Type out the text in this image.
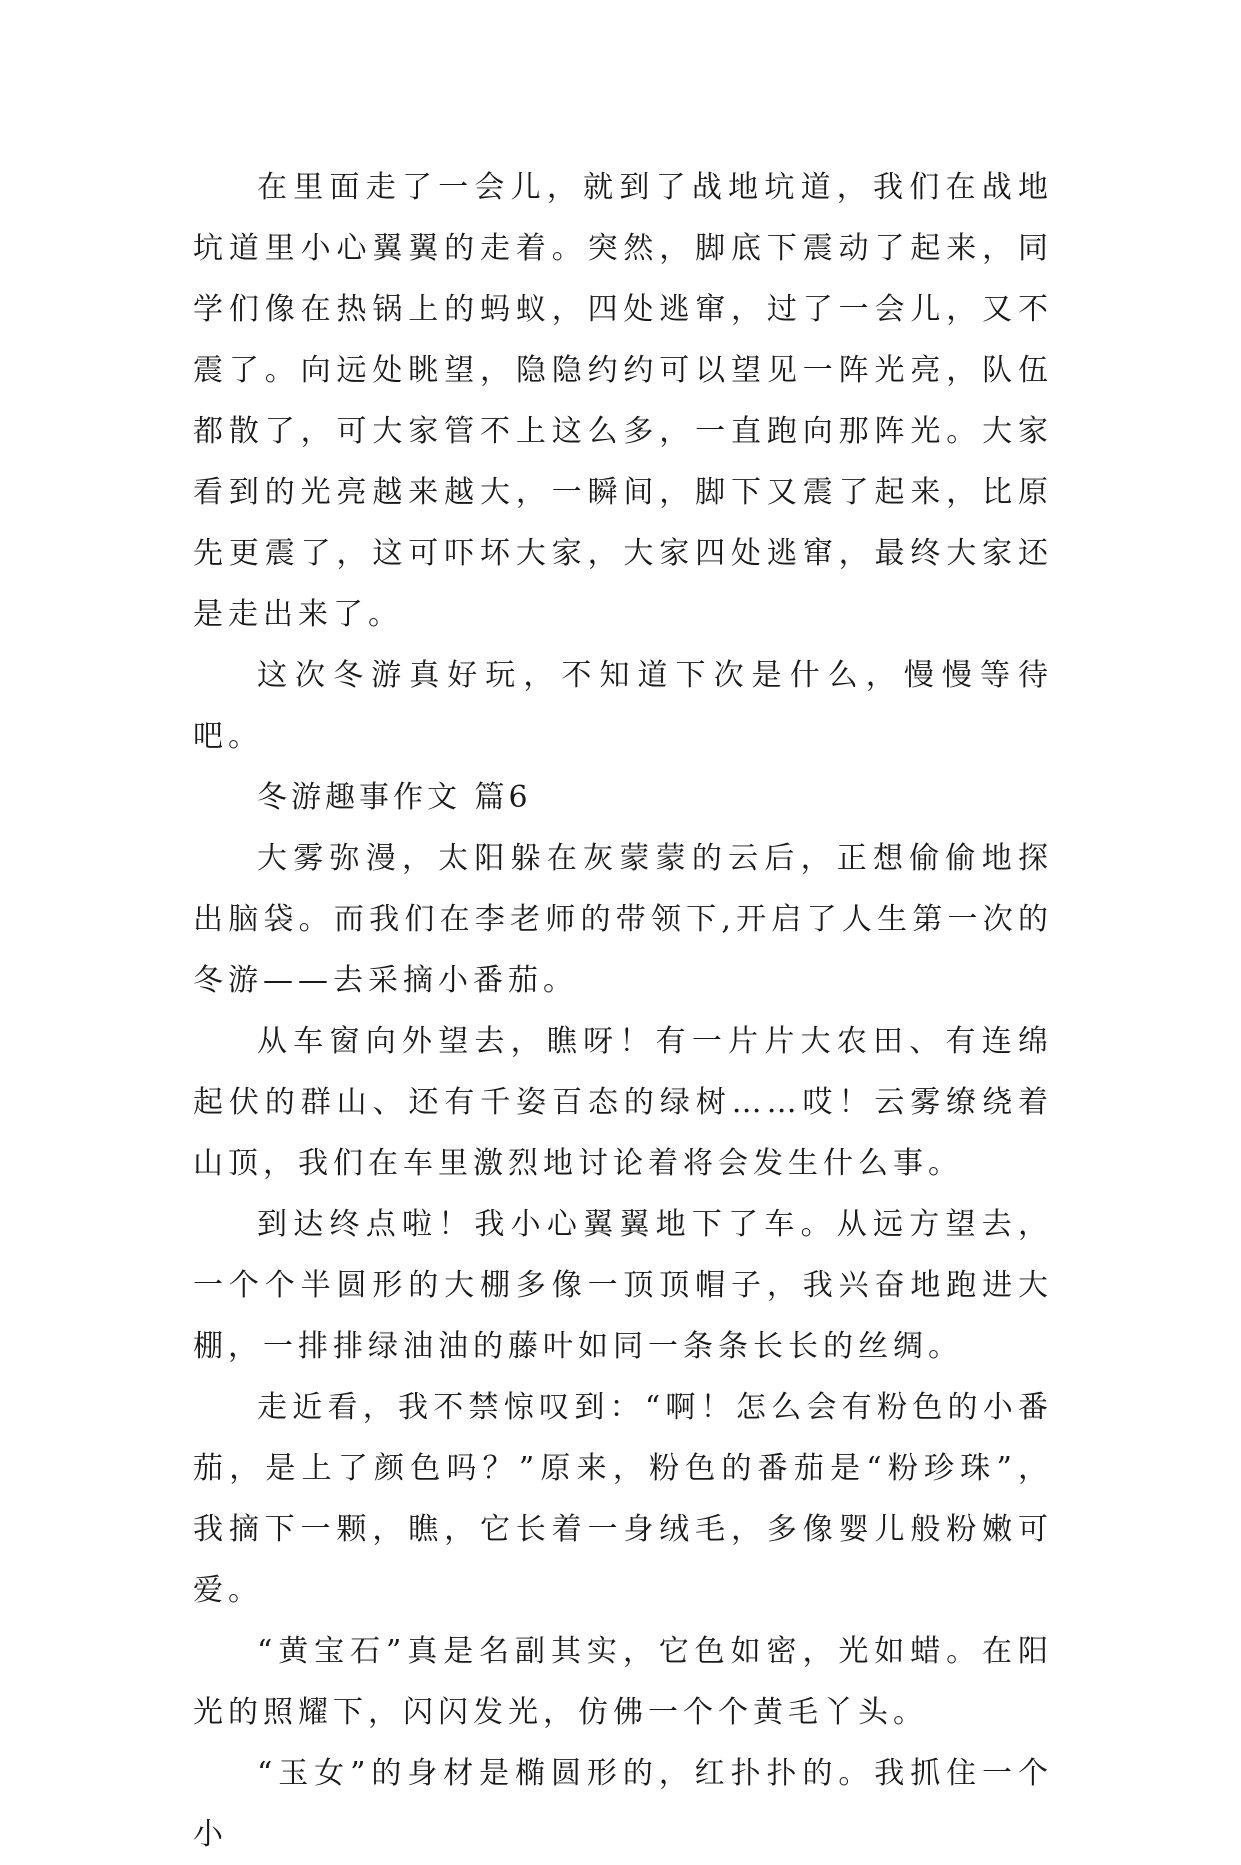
在里面走了一会儿，就到了战地坑道，我们在战地坑道里小心翼翼的走着。突然，脚底下震动了起来，同学们像在热锅上的蚂蚁，四处逃窜，过了一会儿，又不震了。向远处眺望，隐隐约约可以望见一阵光亮，队伍都散了，可大家管不上这么多，一直跑向那阵光。大家看到的光亮越来越大，一瞬间，脚下又震了起来，比原先更震了，这可吓坏大家，大家四处逃窜，最终大家还是走出来了。

这次冬游真好玩，不知道下次是什么，慢慢等待吧。

冬游趣事作文 篇6

大雾弥漫，太阳躲在灰蒙蒙的云后，正想偷偷地探出脑袋。而我们在李老师的带领下,开启了人生第一次的冬游——去采摘小番茄。

从车窗向外望去，瞧呀！有一片片大农田、有连绵起伏的群山、还有千姿百态的绿树……哎！云雾缭绕着山顶，我们在车里激烈地讨论着将会发生什么事。

到达终点啦！我小心翼翼地下了车。从远方望去，一个个半圆形的大棚多像一顶顶帽子，我兴奋地跑进大棚，一排排绿油油的藤叶如同一条条长长的丝绸。

走近看，我不禁惊叹到：“啊！怎么会有粉色的小番茄，是上了颜色吗？”原来，粉色的番茄是“粉珍珠”，我摘下一颗，瞧，它长着一身绒毛，多像婴儿般粉嫩可爱。

“黄宝石”真是名副其实，它色如密，光如蜡。在阳光的照耀下，闪闪发光，仿佛一个个黄毛丫头。

“玉女”的身材是椭圆形的，红扑扑的。我抓住一个小
